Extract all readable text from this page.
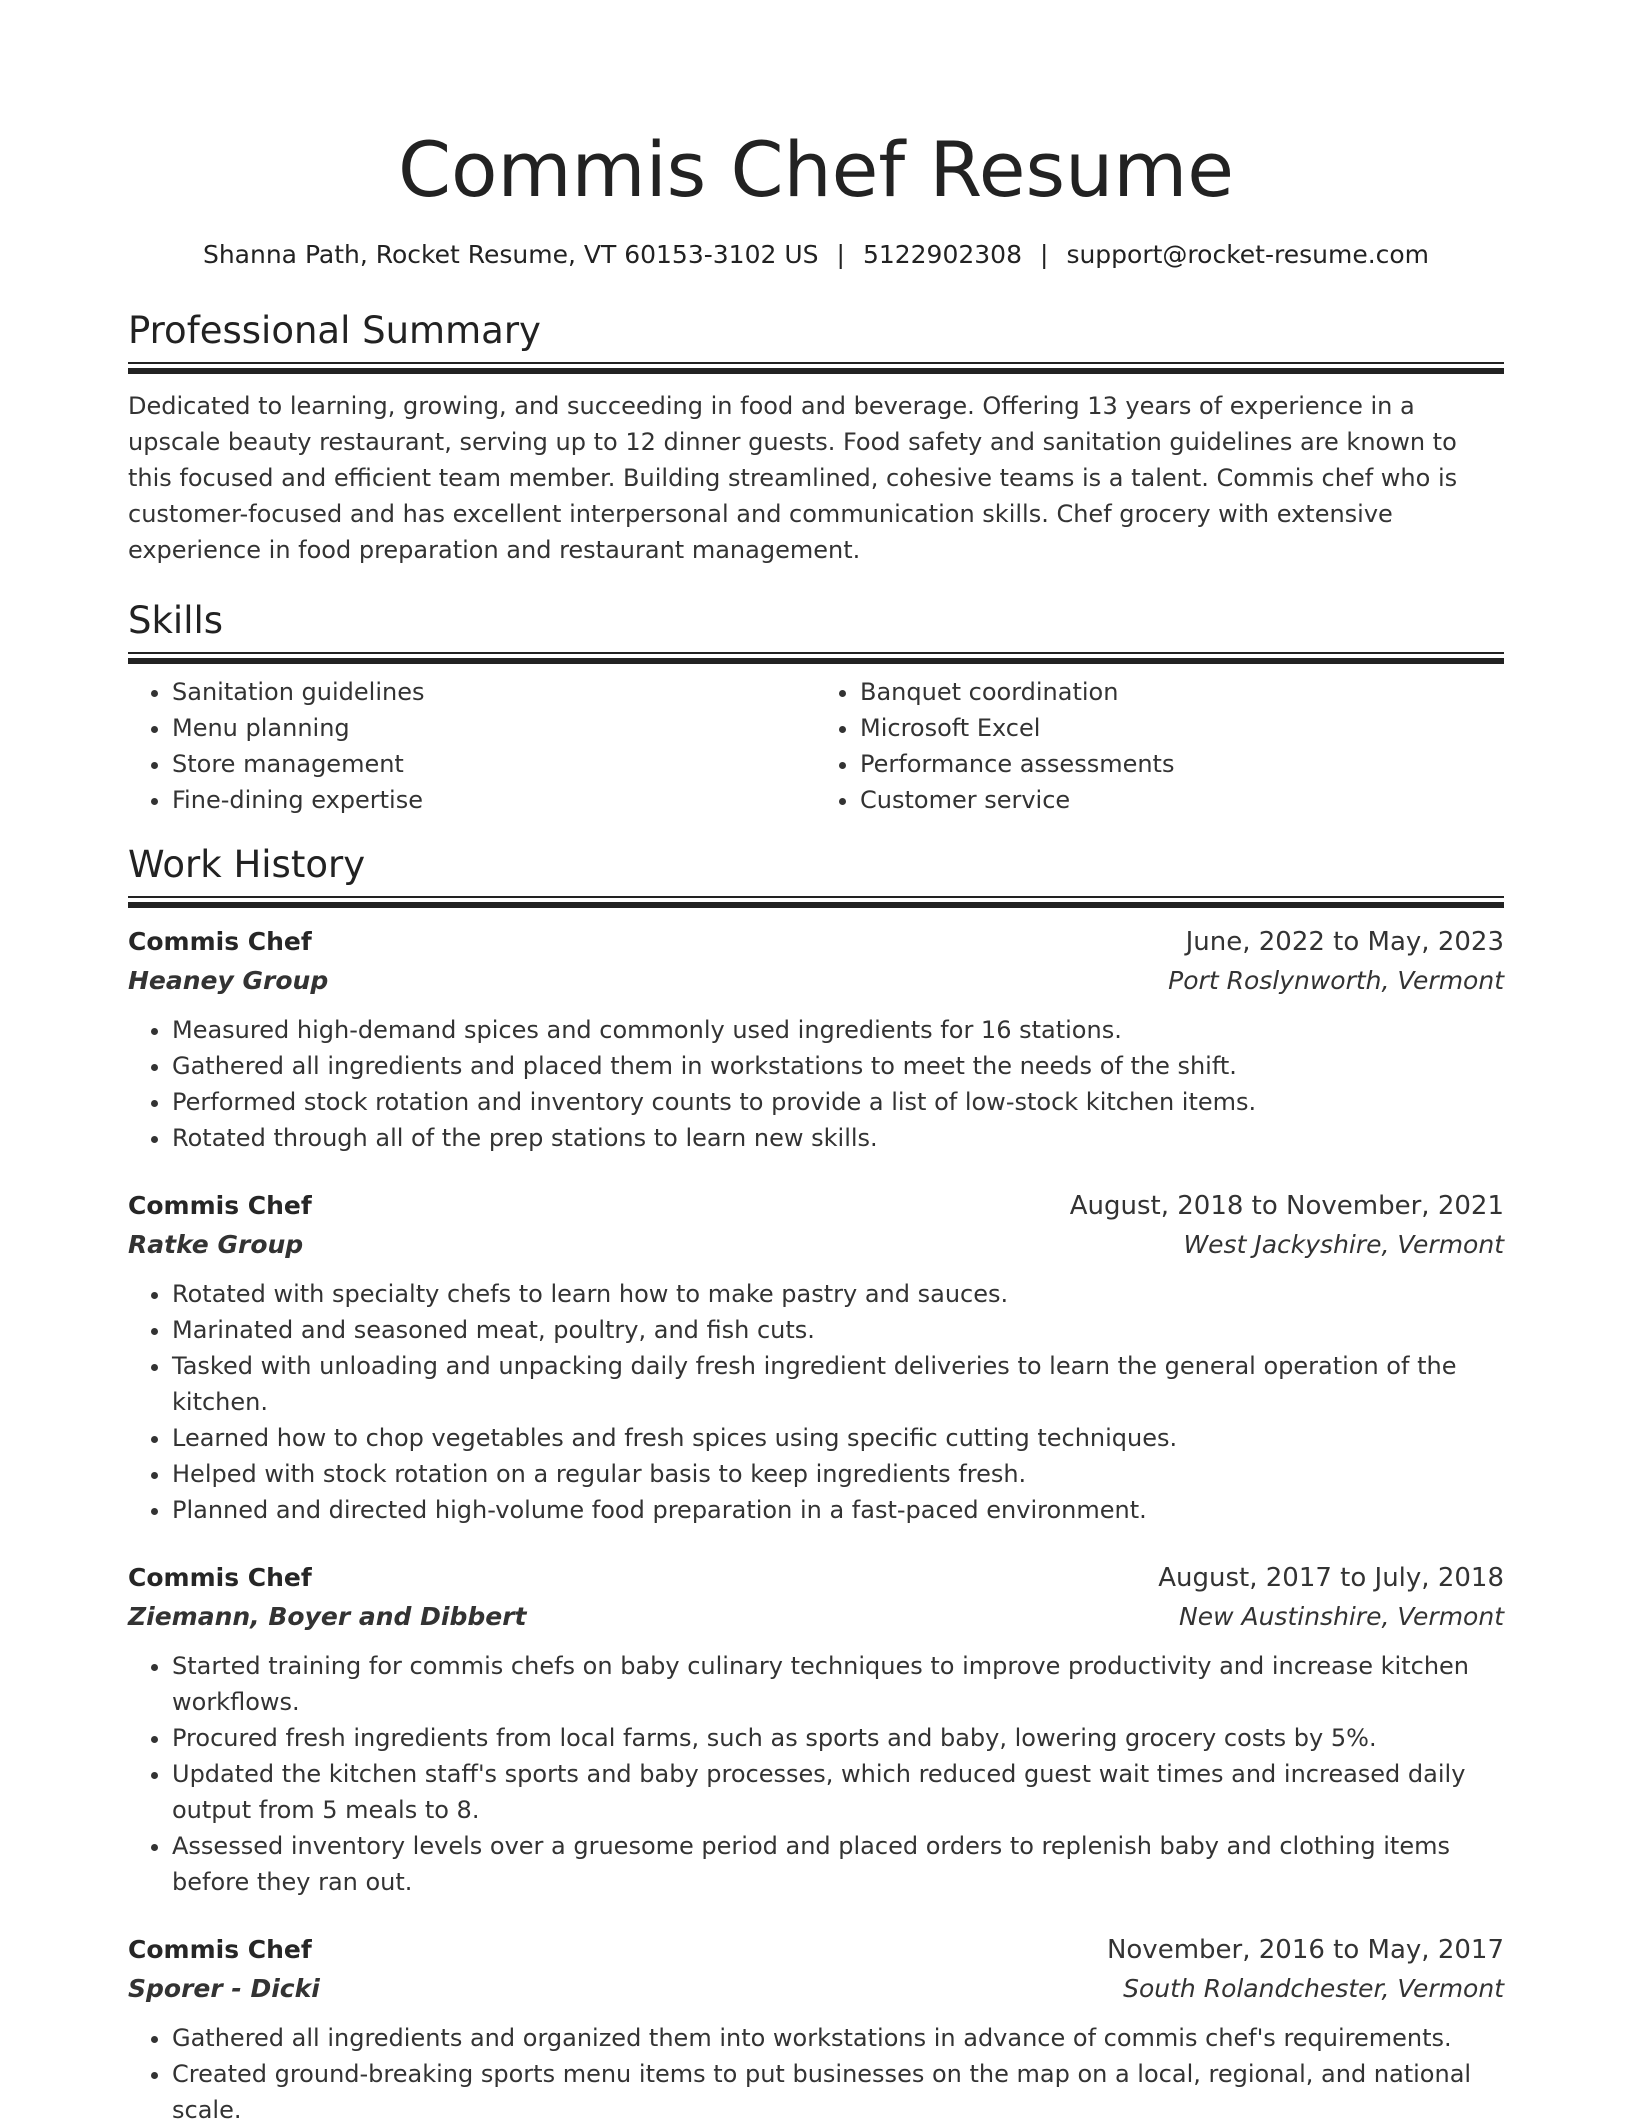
Commis Chef Resume
Shanna Path, Rocket Resume, VT 60153-3102 US | 5122902308 | support@rocket-resume.com
Professional Summary

Dedicated to learning, growing, and succeeding in food and beverage. Offering 13 years of experience in a upscale beauty restaurant, serving up to 12 dinner guests. Food safety and sanitation guidelines are known to this focused and efficient team member. Building streamlined, cohesive teams is a talent. Commis chef who is customer-focused and has excellent interpersonal and communication skills. Chef grocery with extensive experience in food preparation and restaurant management.

Skills
• Sanitation guidelines
• Menu planning
• Store management
• Fine-dining expertise
• Banquet coordination
• Microsoft Excel
• Performance assessments
• Customer service
Work History
Commis Chef	June, 2022 to May, 2023
Heaney Group	Port Roslynworth, Vermont
• Measured high-demand spices and commonly used ingredients for 16 stations.
• Gathered all ingredients and placed them in workstations to meet the needs of the shift.
• Performed stock rotation and inventory counts to provide a list of low-stock kitchen items.
• Rotated through all of the prep stations to learn new skills.
Commis Chef	August, 2018 to November, 2021
Ratke Group	West Jackyshire, Vermont
• Rotated with specialty chefs to learn how to make pastry and sauces.
• Marinated and seasoned meat, poultry, and fish cuts.
• Tasked with unloading and unpacking daily fresh ingredient deliveries to learn the general operation of the kitchen.
• Learned how to chop vegetables and fresh spices using specific cutting techniques.
• Helped with stock rotation on a regular basis to keep ingredients fresh.
• Planned and directed high-volume food preparation in a fast-paced environment.
Commis Chef	August, 2017 to July, 2018
Ziemann, Boyer and Dibbert	New Austinshire, Vermont
• Started training for commis chefs on baby culinary techniques to improve productivity and increase kitchen workflows.
• Procured fresh ingredients from local farms, such as sports and baby, lowering grocery costs by 5%.
• Updated the kitchen staff's sports and baby processes, which reduced guest wait times and increased daily output from 5 meals to 8.
• Assessed inventory levels over a gruesome period and placed orders to replenish baby and clothing items before they ran out.
Commis Chef	November, 2016 to May, 2017
Sporer - Dicki	South Rolandchester, Vermont
• Gathered all ingredients and organized them into workstations in advance of commis chef's requirements.
• Created ground-breaking sports menu items to put businesses on the map on a local, regional, and national scale.
